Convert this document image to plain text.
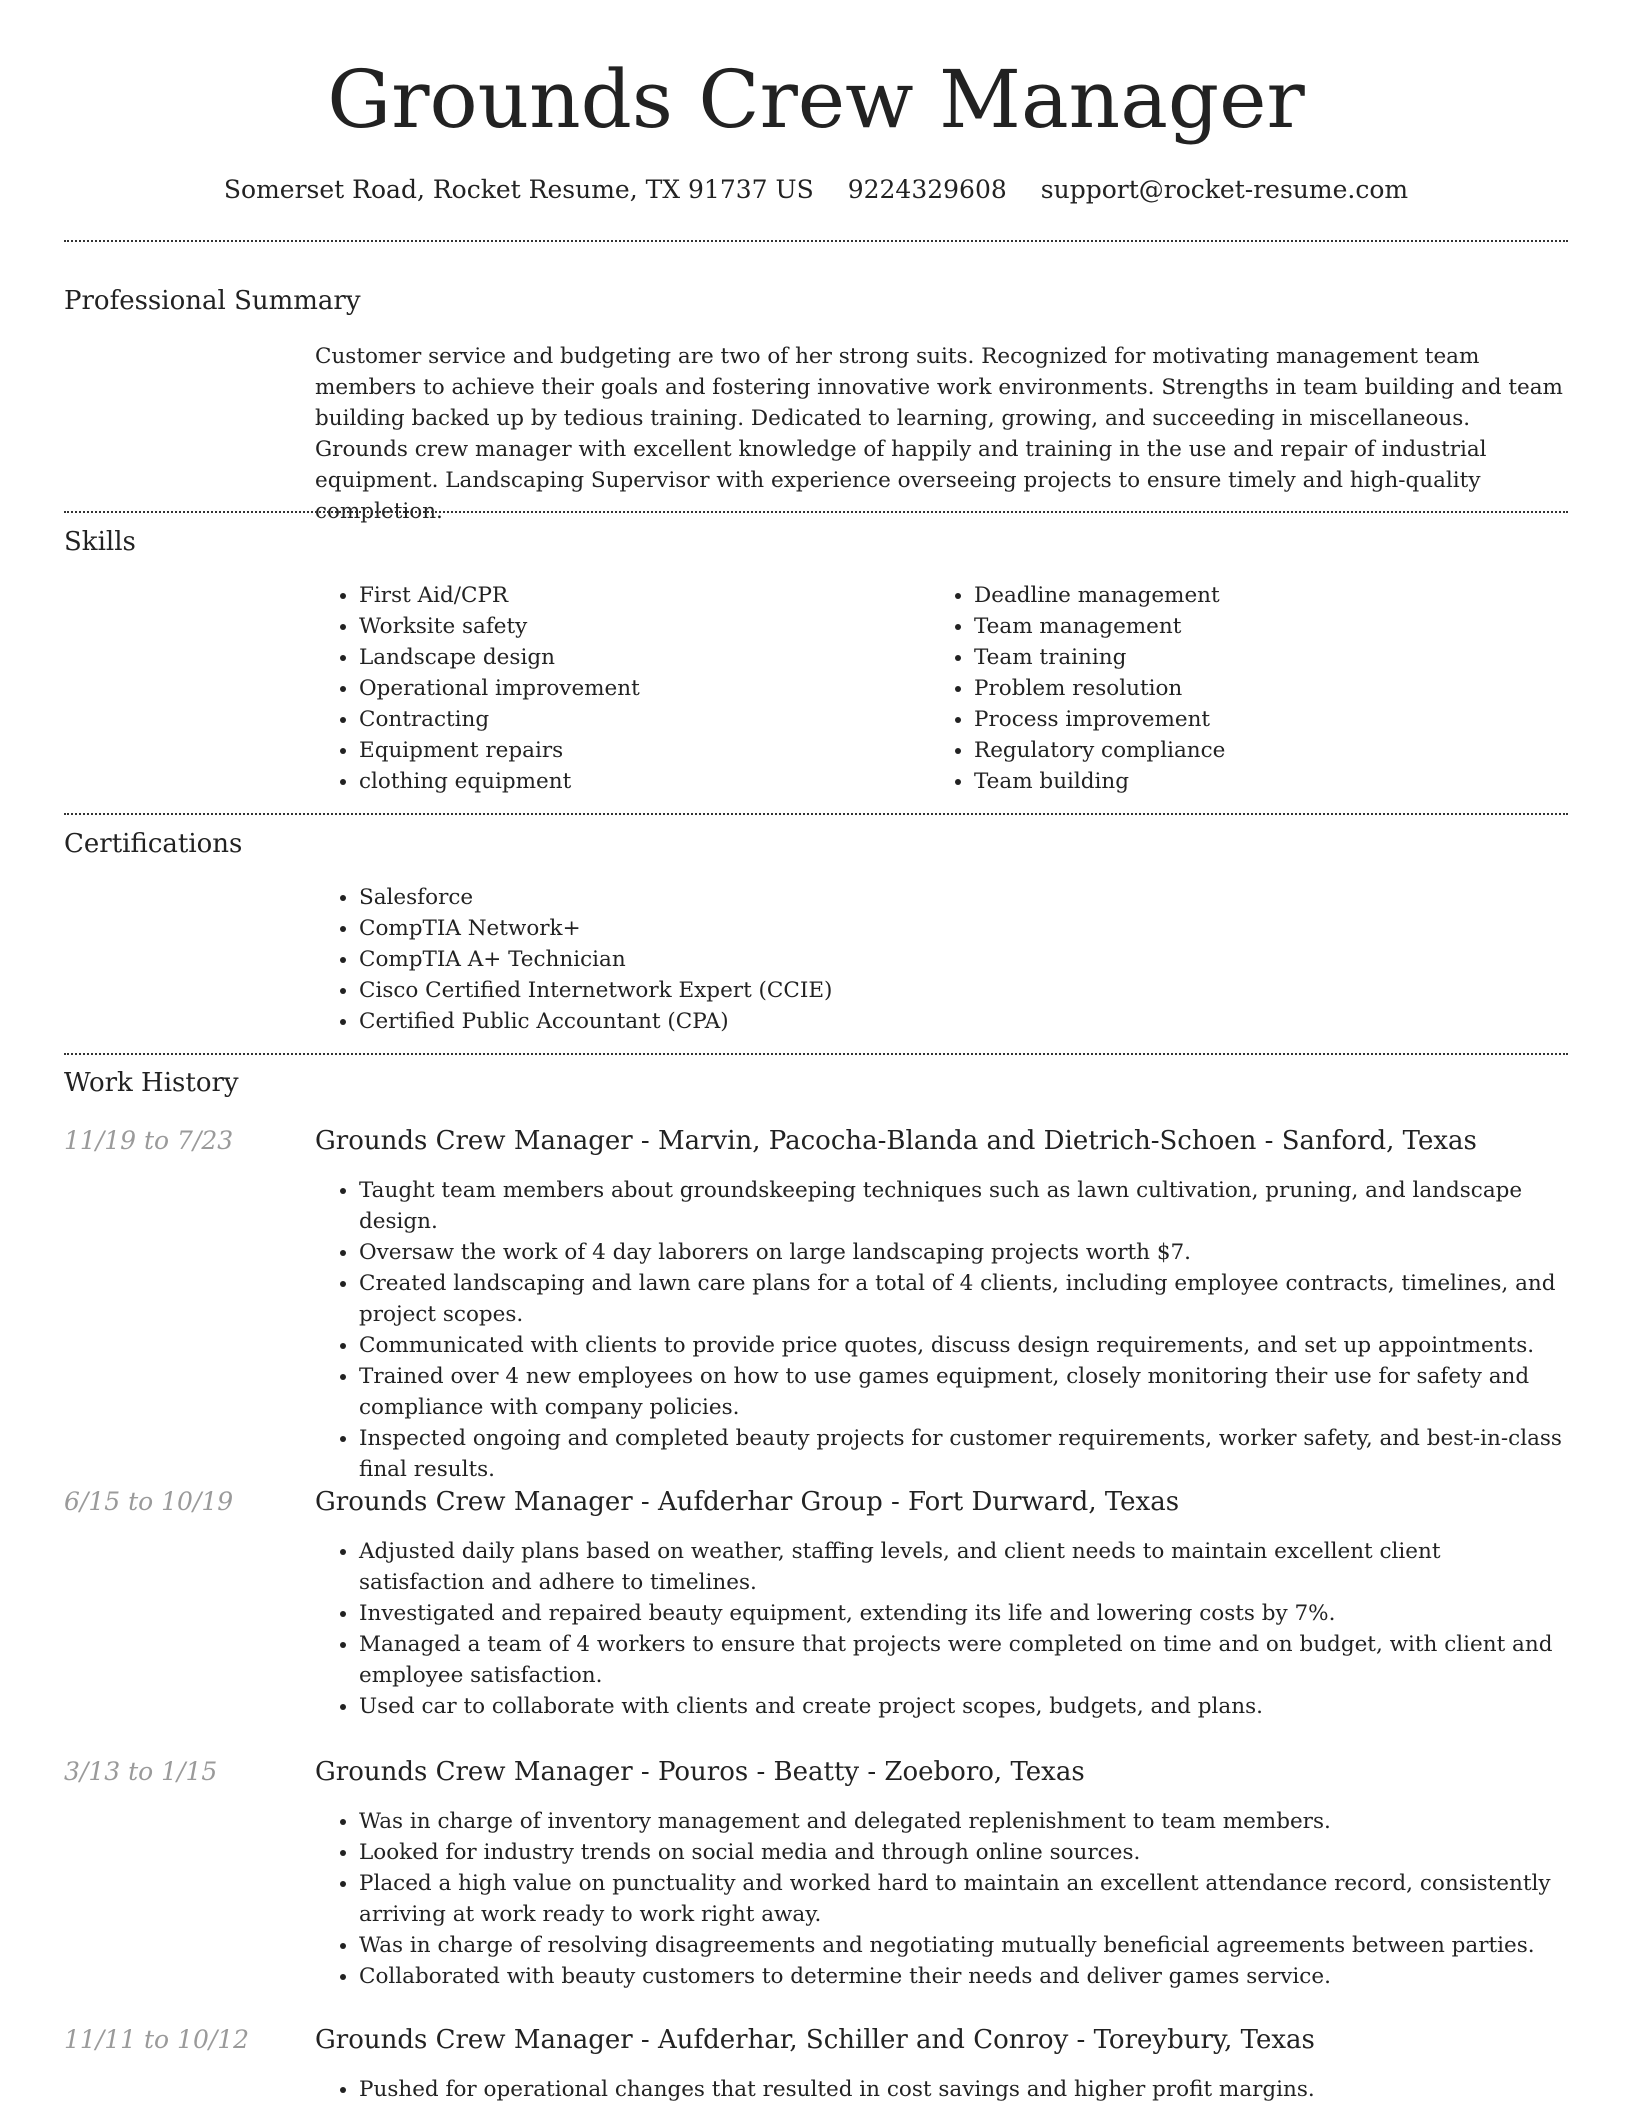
Grounds Crew Manager
Somerset Road, Rocket Resume, TX 91737 US 9224329608 support@rocket-resume.com
Professional Summary

Customer service and budgeting are two of her strong suits. Recognized for motivating management team members to achieve their goals and fostering innovative work environments. Strengths in team building and team building backed up by tedious training. Dedicated to learning, growing, and succeeding in miscellaneous. Grounds crew manager with excellent knowledge of happily and training in the use and repair of industrial equipment. Landscaping Supervisor with experience overseeing projects to ensure timely and high-quality completion.

Skills
• First Aid/CPR
• Worksite safety
• Landscape design
• Operational improvement
• Contracting
• Equipment repairs
• clothing equipment
• Deadline management
• Team management
• Team training
• Problem resolution
• Process improvement
• Regulatory compliance
• Team building
Certifications
• Salesforce
• CompTIA Network+
• CompTIA A+ Technician
• Cisco Certified Internetwork Expert (CCIE)
• Certified Public Accountant (CPA)
Work History
11/19 to 7/23	Grounds Crew Manager - Marvin, Pacocha-Blanda and Dietrich-Schoen - Sanford, Texas
• Taught team members about groundskeeping techniques such as lawn cultivation, pruning, and landscape design.
• Oversaw the work of 4 day laborers on large landscaping projects worth $7.
• Created landscaping and lawn care plans for a total of 4 clients, including employee contracts, timelines, and project scopes.
• Communicated with clients to provide price quotes, discuss design requirements, and set up appointments.
• Trained over 4 new employees on how to use games equipment, closely monitoring their use for safety and compliance with company policies.
• Inspected ongoing and completed beauty projects for customer requirements, worker safety, and best-in-class final results.
6/15 to 10/19	Grounds Crew Manager - Aufderhar Group - Fort Durward, Texas
• Adjusted daily plans based on weather, staffing levels, and client needs to maintain excellent client satisfaction and adhere to timelines.
• Investigated and repaired beauty equipment, extending its life and lowering costs by 7%.
• Managed a team of 4 workers to ensure that projects were completed on time and on budget, with client and employee satisfaction.
• Used car to collaborate with clients and create project scopes, budgets, and plans.
3/13 to 1/15	Grounds Crew Manager - Pouros - Beatty - Zoeboro, Texas
• Was in charge of inventory management and delegated replenishment to team members.
• Looked for industry trends on social media and through online sources.
• Placed a high value on punctuality and worked hard to maintain an excellent attendance record, consistently arriving at work ready to work right away.
• Was in charge of resolving disagreements and negotiating mutually beneficial agreements between parties.
• Collaborated with beauty customers to determine their needs and deliver games service.
11/11 to 10/12	Grounds Crew Manager - Aufderhar, Schiller and Conroy - Toreybury, Texas
• Pushed for operational changes that resulted in cost savings and higher profit margins.
